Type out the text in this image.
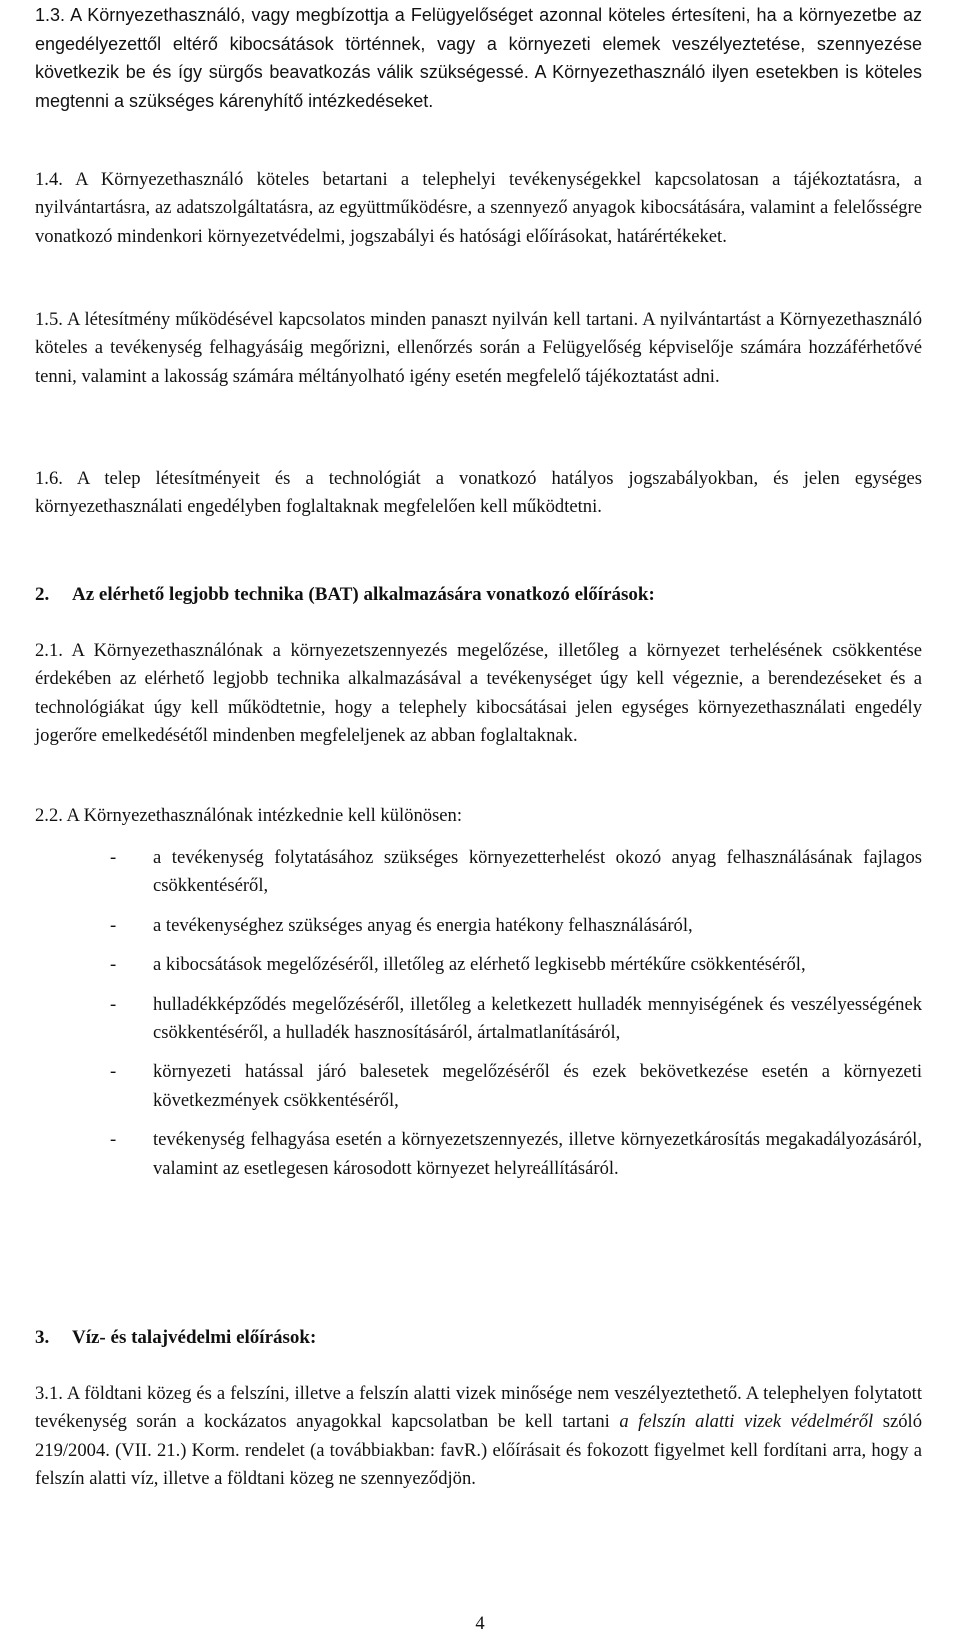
1.3. A Környezethasználó, vagy megbízottja a Felügyelőséget azonnal köteles értesíteni, ha a környezetbe az engedélyezettől eltérő kibocsátások történnek, vagy a környezeti elemek veszélyeztetése, szennyezése következik be és így sürgős beavatkozás válik szükségessé. A Környezethasználó ilyen esetekben is köteles megtenni a szükséges kárenyhítő intézkedéseket.

1.4. A Környezethasználó köteles betartani a telephelyi tevékenységekkel kapcsolatosan a tájékoztatásra, a nyilvántartásra, az adatszolgáltatásra, az együttműködésre, a szennyező anyagok kibocsátására, valamint a felelősségre vonatkozó mindenkori környezetvédelmi, jogszabályi és hatósági előírásokat, határértékeket.

1.5. A létesítmény működésével kapcsolatos minden panaszt nyilván kell tartani. A nyilvántartást a Környezethasználó köteles a tevékenység felhagyásáig megőrizni, ellenőrzés során a Felügyelőség képviselője számára hozzáférhetővé tenni, valamint a lakosság számára méltányolható igény esetén megfelelő tájékoztatást adni.

1.6. A telep létesítményeit és a technológiát a vonatkozó hatályos jogszabályokban, és jelen egységes környezethasználati engedélyben foglaltaknak megfelelően kell működtetni.

2. Az elérhető legjobb technika (BAT) alkalmazására vonatkozó előírások:

2.1. A Környezethasználónak a környezetszennyezés megelőzése, illetőleg a környezet terhelésének csökkentése érdekében az elérhető legjobb technika alkalmazásával a tevékenységet úgy kell végeznie, a berendezéseket és a technológiákat úgy kell működtetnie, hogy a telephely kibocsátásai jelen egységes környezethasználati engedély jogerőre emelkedésétől mindenben megfeleljenek az abban foglaltaknak.

2.2. A Környezethasználónak intézkednie kell különösen:

- a tevékenység folytatásához szükséges környezetterhelést okozó anyag felhasználásának fajlagos csökkentéséről,
- a tevékenységhez szükséges anyag és energia hatékony felhasználásáról,
- a kibocsátások megelőzéséről, illetőleg az elérhető legkisebb mértékűre csökkentéséről,
- hulladékképződés megelőzéséről, illetőleg a keletkezett hulladék mennyiségének és veszélyességének csökkentéséről, a hulladék hasznosításáról, ártalmatlanításáról,
- környezeti hatással járó balesetek megelőzéséről és ezek bekövetkezése esetén a környezeti következmények csökkentéséről,
- tevékenység felhagyása esetén a környezetszennyezés, illetve környezetkárosítás megakadályozásáról, valamint az esetlegesen károsodott környezet helyreállításáról.
3. Víz- és talajvédelmi előírások:

3.1. A földtani közeg és a felszíni, illetve a felszín alatti vizek minősége nem veszélyeztethető. A telephelyen folytatott tevékenység során a kockázatos anyagokkal kapcsolatban be kell tartani a felszín alatti vizek védelméről szóló 219/2004. (VII. 21.) Korm. rendelet (a továbbiakban: favR.) előírásait és fokozott figyelmet kell fordítani arra, hogy a felszín alatti víz, illetve a földtani közeg ne szennyeződjön.

4
